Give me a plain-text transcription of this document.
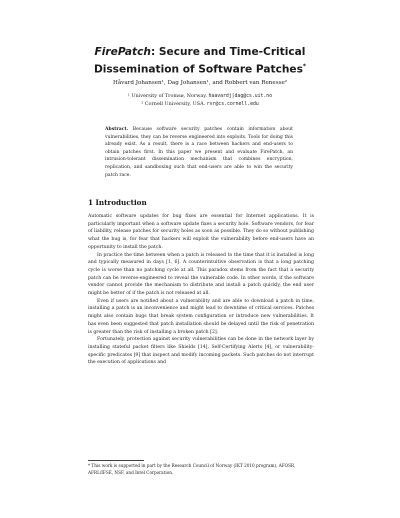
FirePatch: Secure and Time-Critical
Dissemination of Software Patches*
Håvard Johansen¹, Dag Johansen¹, and Robbert van Renesse²
¹ University of Tromsø, Norway. haavardj|dag@cs.uit.no
² Cornell University, USA. rvr@cs.cornell.edu
Abstract. Because software security patches contain information about vulnerabilities, they can be reverse engineered into exploits. Tools for doing this already exist. As a result, there is a race between hackers and end-users to obtain patches first. In this paper we present and evaluate FirePatch, an intrusion-tolerant dissemination mechanism that combines encryption, replication, and sandboxing such that end-users are able to win the security patch race.
1 Introduction

Automatic software updates for bug fixes are essential for Internet applications. It is particularly important when a software update fixes a security hole. Software vendors, for fear of liability, release patches for security holes as soon as possible. They do so without publishing what the bug is, for fear that hackers will exploit the vulnerability before end-users have an opportunity to install the patch.

In practice the time between when a patch is released to the time that it is installed is long and typically measured in days [1, 6]. A counterintuitive observation is that a long patching cycle is worse than no patching cycle at all. This paradox stems from the fact that a security patch can be reverse-engineered to reveal the vulnerable code. In other words, if the software vendor cannot provide the mechanism to distribute and install a patch quickly, the end user might be better of if the patch is not released at all.

Even if users are notified about a vulnerability and are able to download a patch in time, installing a patch is an inconvenience and might lead to downtime of critical services. Patches might also contain bugs that break system configuration or introduce new vulnerabilities. It has even been suggested that patch installation should be delayed until the risk of penetration is greater than the risk of installing a broken patch [2].

Fortunately, protection against security vulnerabilities can be done in the network layer by installing stateful packet filters like Shields [14], Self-Certifying Alerts [4], or vulnerability-specific predicates [9] that inspect and modify incoming packets. Such patches do not interrupt the execution of applications and

* This work is supported in part by the Research Council of Norway (IKT 2010 program), AFOSR, AFRL/IFSE, NSF, and Intel Corporation.
